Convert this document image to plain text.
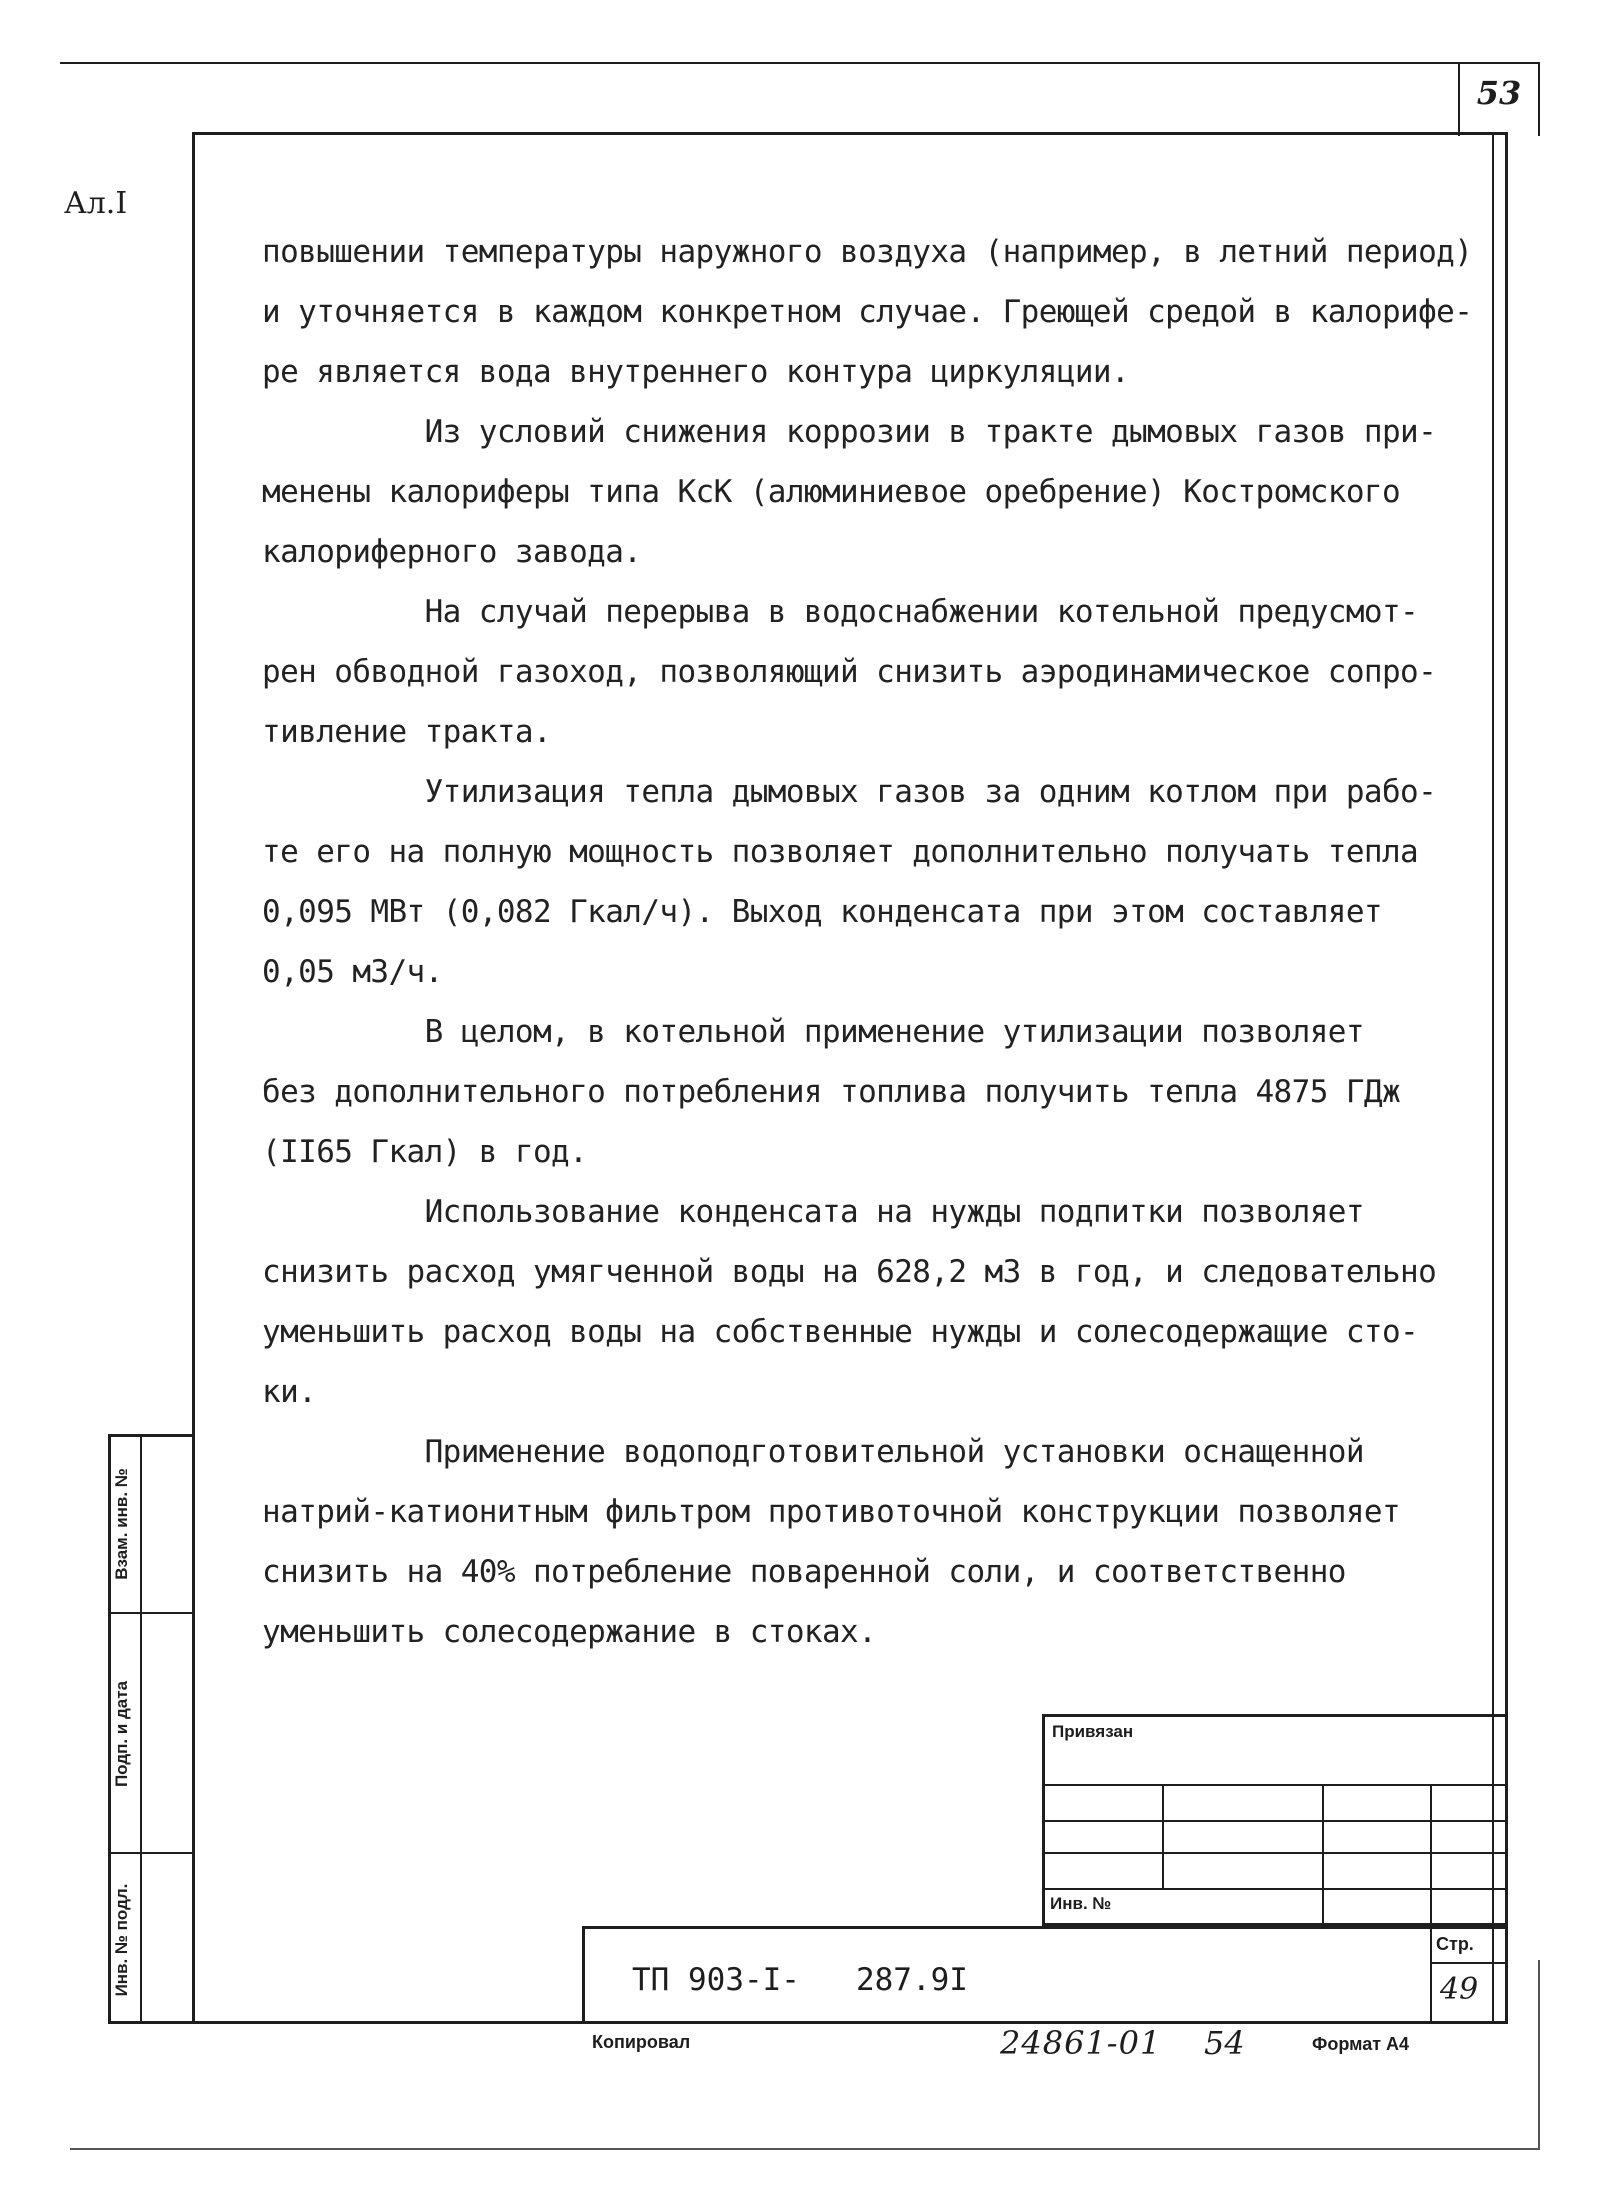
53
Ал.I

повышении температуры наружного воздуха (например, в летний период)

и уточняется в каждом конкретном случае. Греющей средой в калорифе-

ре является вода внутреннего контура циркуляции.

Из условий снижения коррозии в тракте дымовых газов при-

менены калориферы типа КсК (алюминиевое оребрение) Костромского

калориферного завода.

На случай перерыва в водоснабжении котельной предусмот-

рен обводной газоход, позволяющий снизить аэродинамическое сопро-

тивление тракта.

Утилизация тепла дымовых газов за одним котлом при рабо-

те его на полную мощность позволяет дополнительно получать тепла

0,095 МВт (0,082 Гкал/ч). Выход конденсата при этом составляет

0,05 м3/ч.

В целом, в котельной применение утилизации позволяет

без дополнительного потребления топлива получить тепла 4875 ГДж

(II65 Гкал) в год.

Использование конденсата на нужды подпитки позволяет

снизить расход умягченной воды на 628,2 м3 в год, и следовательно

уменьшить расход воды на собственные нужды и солесодержащие сто-

ки.

Применение водоподготовительной установки оснащенной

натрий-катионитным фильтром противоточной конструкции позволяет

снизить на 40% потребление поваренной соли, и соответственно

уменьшить солесодержание в стоках.

Взам. инв. №
Подп. и дата
Инв. № подл.
Привязан
Инв. №
ТП 903-I-   287.9I
Стр.
49
Копировал	24861-01 54	Формат А4
